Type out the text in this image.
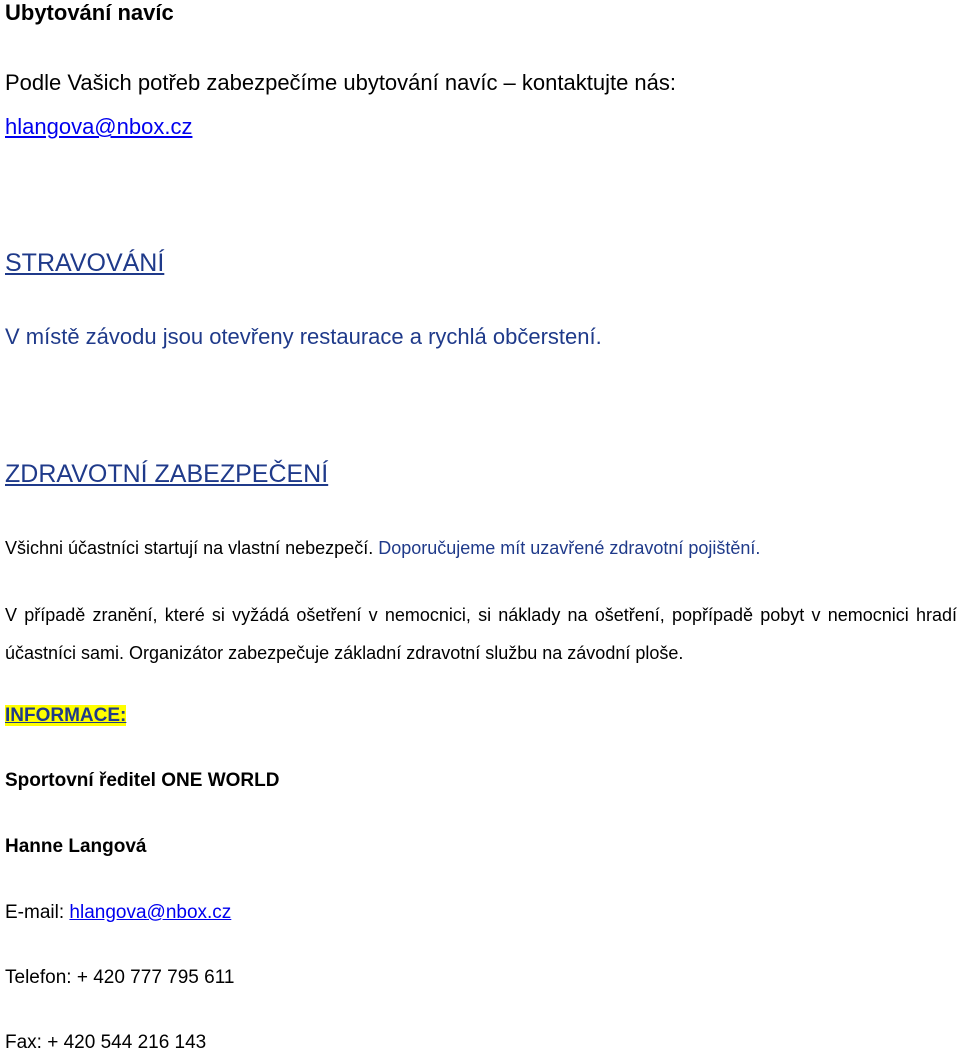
Ubytování navíc
Podle Vašich potřeb zabezpečíme ubytování navíc – kontaktujte nás:
hlangova@nbox.cz
STRAVOVÁNÍ
V místě závodu jsou otevřeny restaurace a rychlá občerstení.
ZDRAVOTNÍ ZABEZPEČENÍ
Všichni účastníci startují na vlastní nebezpečí. Doporučujeme mít uzavřené zdravotní pojištění.
V případě zranění, které si vyžádá ošetření v nemocnici, si náklady na ošetření, popřípadě pobyt v nemocnici hradí účastníci sami. Organizátor zabezpečuje základní zdravotní službu na závodní ploše.
INFORMACE:
Sportovní ředitel ONE WORLD
Hanne Langová
E-mail: hlangova@nbox.cz
Telefon: + 420 777 795 611
Fax: + 420 544 216 143
